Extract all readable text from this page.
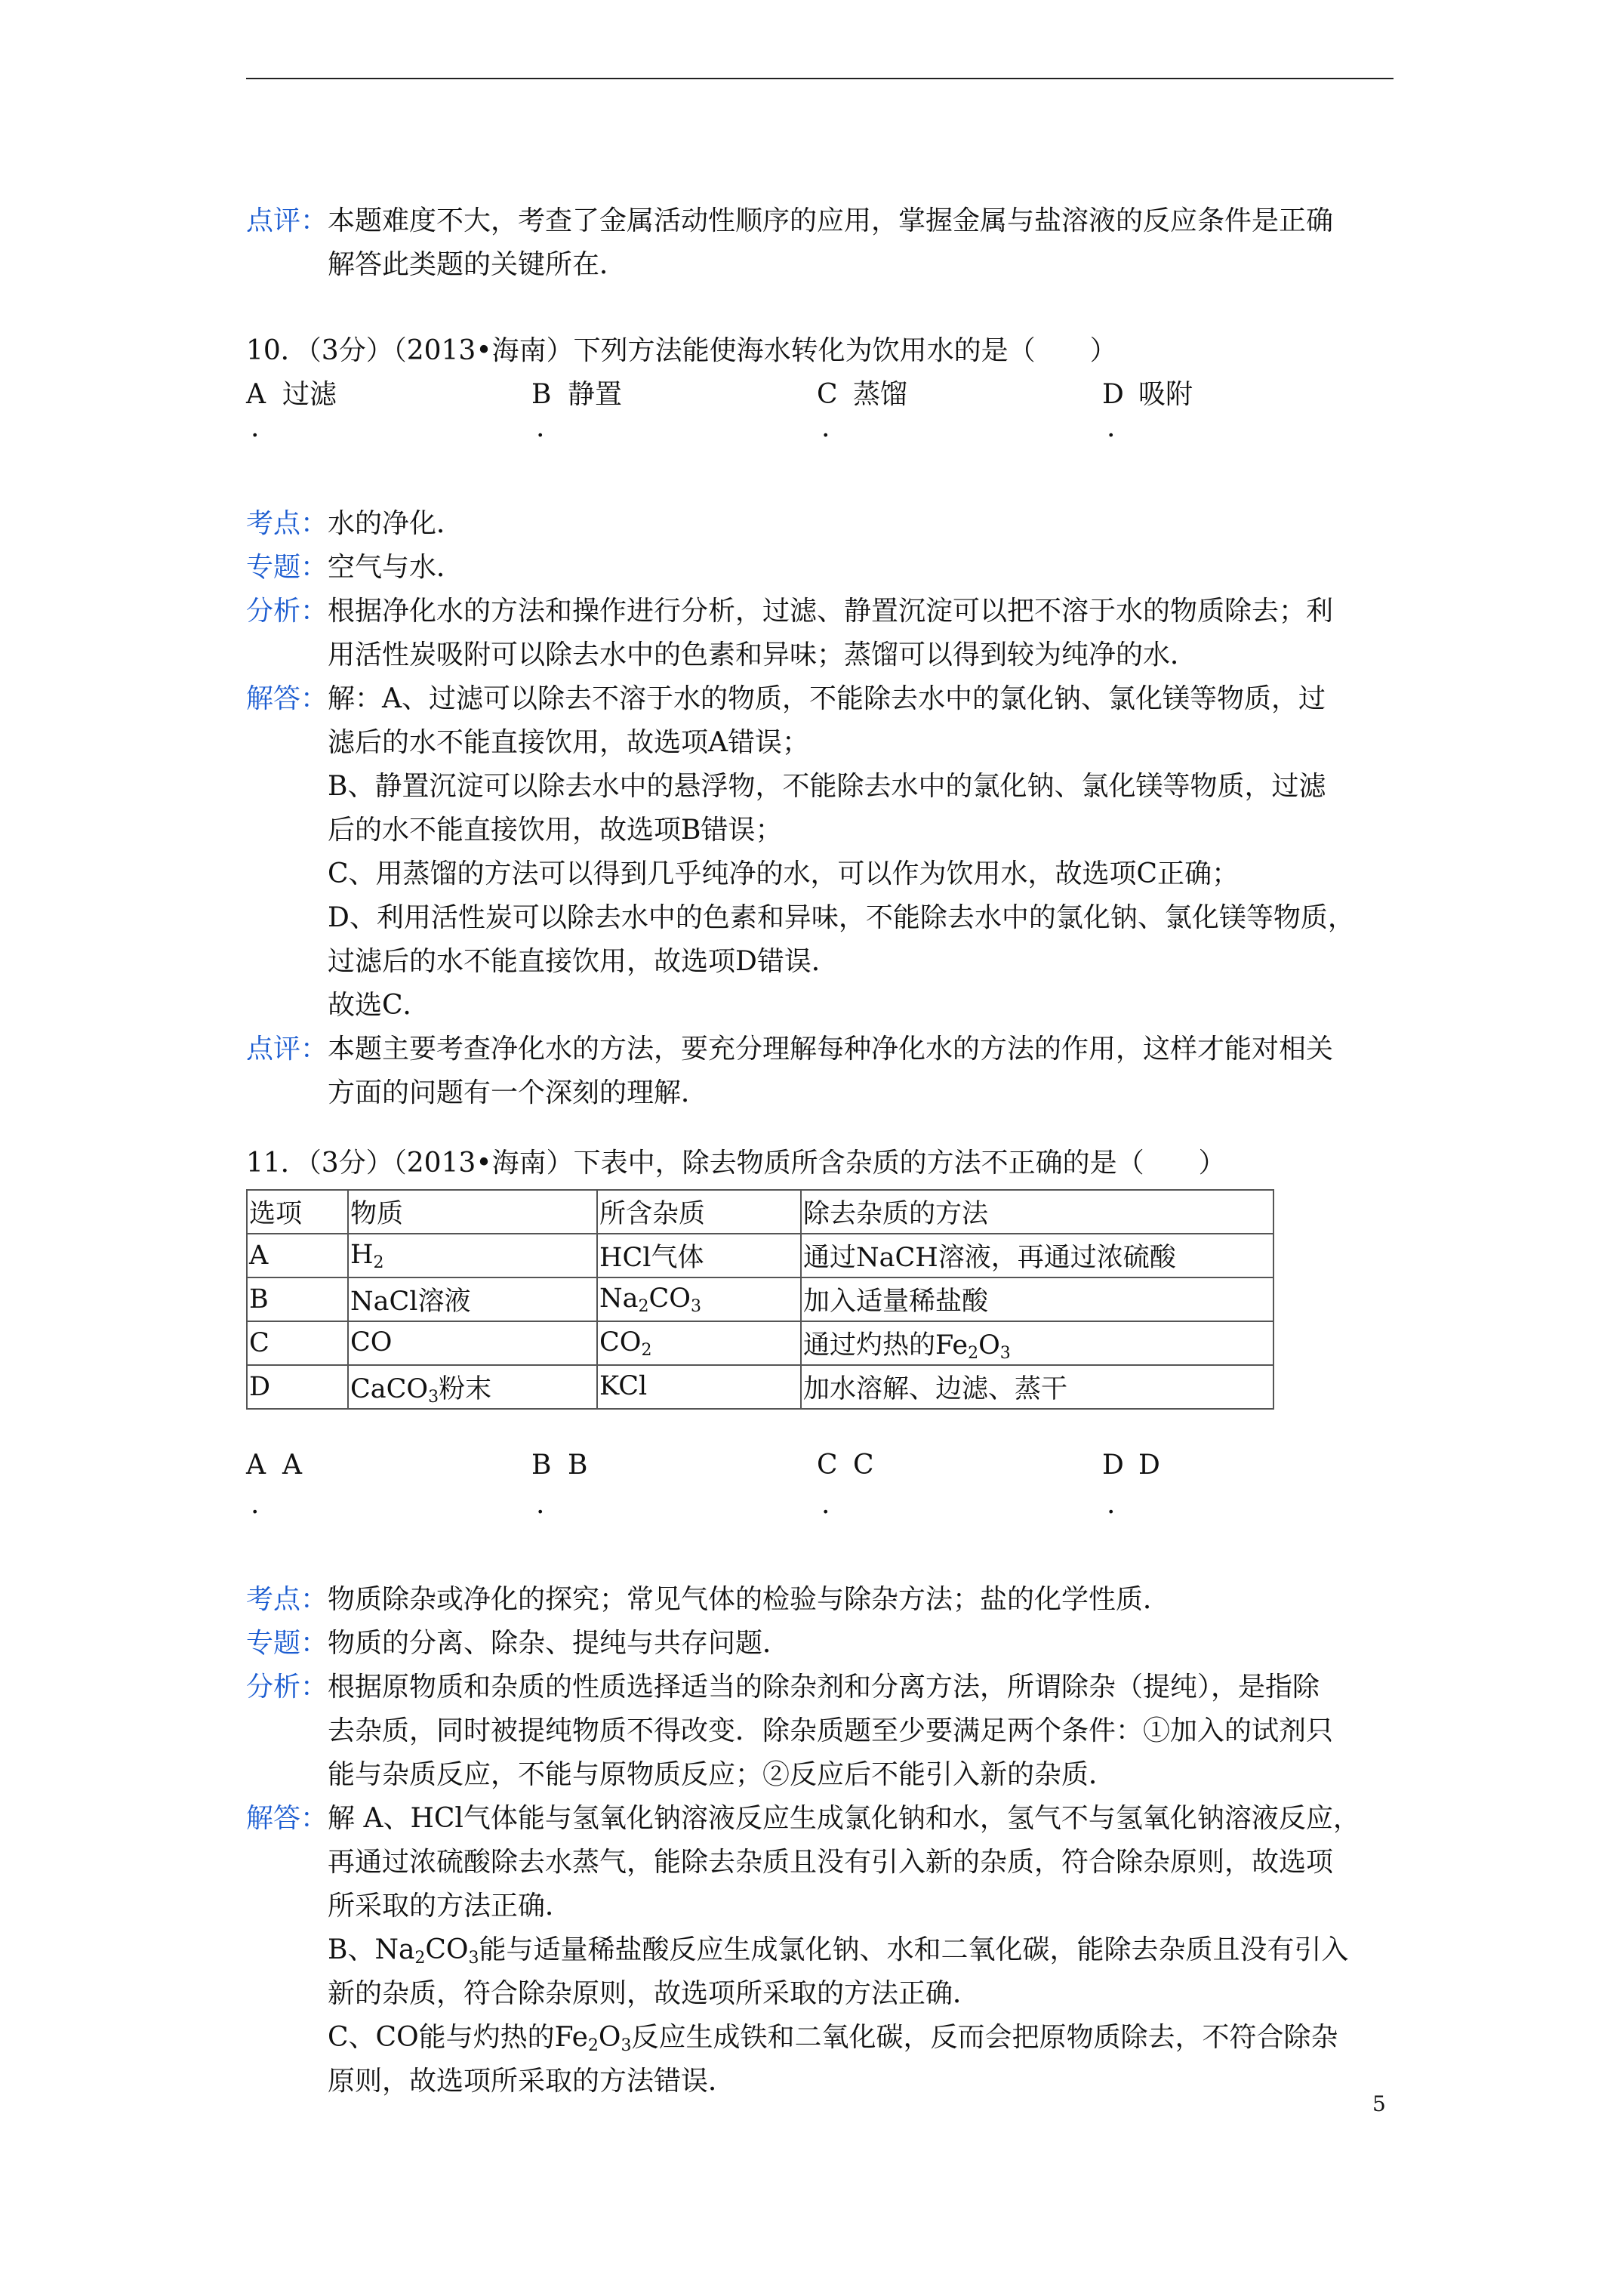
点评： 本题难度不大，考查了金属活动性顺序的应用，掌握金属与盐溶液的反应条件是正确
解答此类题的关键所在．
10．（3分）（2013•海南）下列方法能使海水转化为饮用水的是（　　）
A 过滤
.
B 静置
.
C 蒸馏
.
D 吸附
.
考点： 水的净化．
专题： 空气与水．
分析： 根据净化水的方法和操作进行分析，过滤、静置沉淀可以把不溶于水的物质除去；利
用活性炭吸附可以除去水中的色素和异味；蒸馏可以得到较为纯净的水．
解答： 解：A、过滤可以除去不溶于水的物质，不能除去水中的氯化钠、氯化镁等物质，过
滤后的水不能直接饮用，故选项A错误；
B、静置沉淀可以除去水中的悬浮物，不能除去水中的氯化钠、氯化镁等物质，过滤
后的水不能直接饮用，故选项B错误；
C、用蒸馏的方法可以得到几乎纯净的水，可以作为饮用水，故选项C正确；
D、利用活性炭可以除去水中的色素和异味，不能除去水中的氯化钠、氯化镁等物质，
过滤后的水不能直接饮用，故选项D错误．
故选C．
点评： 本题主要考查净化水的方法，要充分理解每种净化水的方法的作用，这样才能对相关
方面的问题有一个深刻的理解．
11．（3分）（2013•海南）下表中，除去物质所含杂质的方法不正确的是（　　）
选项	物质	所含杂质	除去杂质的方法
A	$H_2$	HCl气体	通过NaCH溶液，再通过浓硫酸
B	NaCl溶液	$Na_2CO_3$	加入适量稀盐酸
C	CO	$CO_2$	通过灼热的$Fe_2O_3$
D	CaCO$_3$粉末	KCl	加水溶解、边滤、蒸干
A A
.
B B
.
C C
.
D D
.
考点： 物质除杂或净化的探究；常见气体的检验与除杂方法；盐的化学性质．
专题： 物质的分离、除杂、提纯与共存问题．
分析： 根据原物质和杂质的性质选择适当的除杂剂和分离方法，所谓除杂（提纯），是指除
去杂质，同时被提纯物质不得改变．除杂质题至少要满足两个条件：①加入的试剂只
能与杂质反应，不能与原物质反应；②反应后不能引入新的杂质．
解答： 解 A、HCl气体能与氢氧化钠溶液反应生成氯化钠和水，氢气不与氢氧化钠溶液反应，
再通过浓硫酸除去水蒸气，能除去杂质且没有引入新的杂质，符合除杂原则，故选项
所采取的方法正确．
B、$Na_2CO_3$能与适量稀盐酸反应生成氯化钠、水和二氧化碳，能除去杂质且没有引入
新的杂质，符合除杂原则，故选项所采取的方法正确．
C、CO能与灼热的$Fe_2O_3$反应生成铁和二氧化碳，反而会把原物质除去，不符合除杂
原则，故选项所采取的方法错误．
5
